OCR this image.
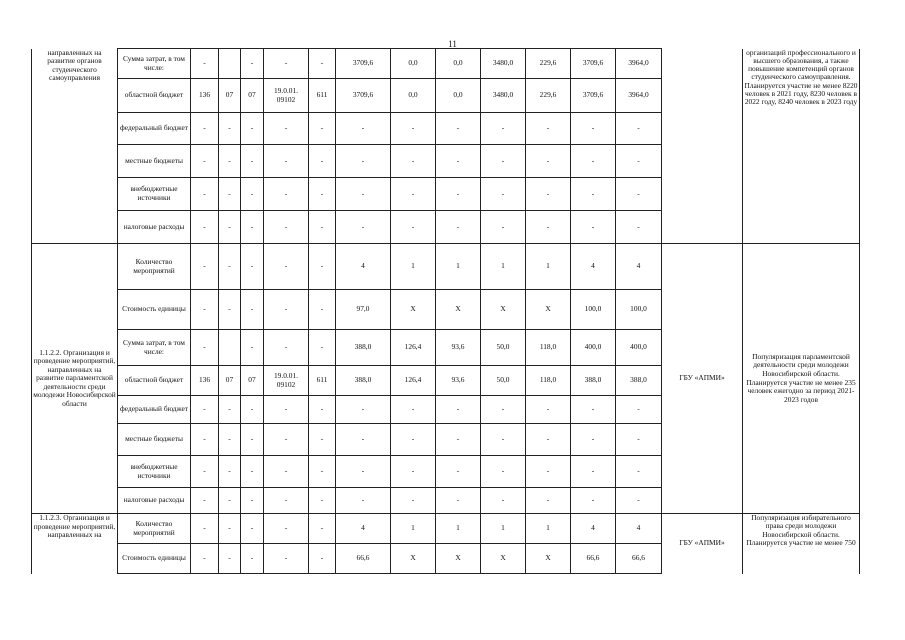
11
направленных на развитие органов студенческого самоуправления	Сумма затрат, в том числе:	-		-	-	-	3709,6	0,0	0,0	3480,0	229,6	3709,6	3964,0		организаций профессионального и высшего образования, а также повышение компетенций органов студенческого самоуправления. Планируется участие не менее 8220 человек в 2021 году, 8230 человек в 2022 году, 8240 человек в 2023 году
	областной бюджет	136	07	07	19.0.01. 09102	611	3709,6	0,0	0,0	3480,0	229,6	3709,6	3964,0		
	федеральный бюджет	-	-	-	-	-	-	-	-	-	-	-	-		
	местные бюджеты	-	-	-	-	-	-	-	-	-	-	-	-		
	внебюджетные источники	-	-	-	-	-	-	-	-	-	-	-	-		
	налоговые расходы	-	-	-	-	-	-	-	-	-	-	-	-		
1.1.2.2. Организация и проведение мероприятий, направленных на развитие парламентской деятельности среди молодежи Новосибирской области	Количество мероприятий	-	-	-	-	-	4	1	1	1	1	4	4	ГБУ «АПМИ»	Популяризация парламентской деятельности среди молодежи Новосибирской области. Планируется участие не менее 235 человек ежегодно за период 2021-2023 годов
	Стоимость единицы	-	-	-	-	-	97,0	X	X	X	X	100,0	100,0		
	Сумма затрат, в том числе:	-		-	-	-	388,0	126,4	93,6	50,0	118,0	400,0	400,0		
	областной бюджет	136	07	07	19.0.01. 09102	611	388,0	126,4	93,6	50,0	118,0	388,0	388,0		
	федеральный бюджет	-	-	-	-	-	-	-	-	-	-	-	-		
	местные бюджеты	-	-	-	-	-	-	-	-	-	-	-	-		
	внебюджетные источники	-	-	-	-	-	-	-	-	-	-	-	-		
	налоговые расходы	-	-	-	-	-	-	-	-	-	-	-	-		
1.1.2.3. Организация и проведение мероприятий, направленных на	Количество мероприятий	-	-	-	-	-	4	1	1	1	1	4	4	ГБУ «АПМИ»	Популяризация избирательного права среди молодежи Новосибирской области. Планируется участие не менее 750
	Стоимость единицы	-	-	-	-	-	66,6	X	X	X	X	66,6	66,6		
